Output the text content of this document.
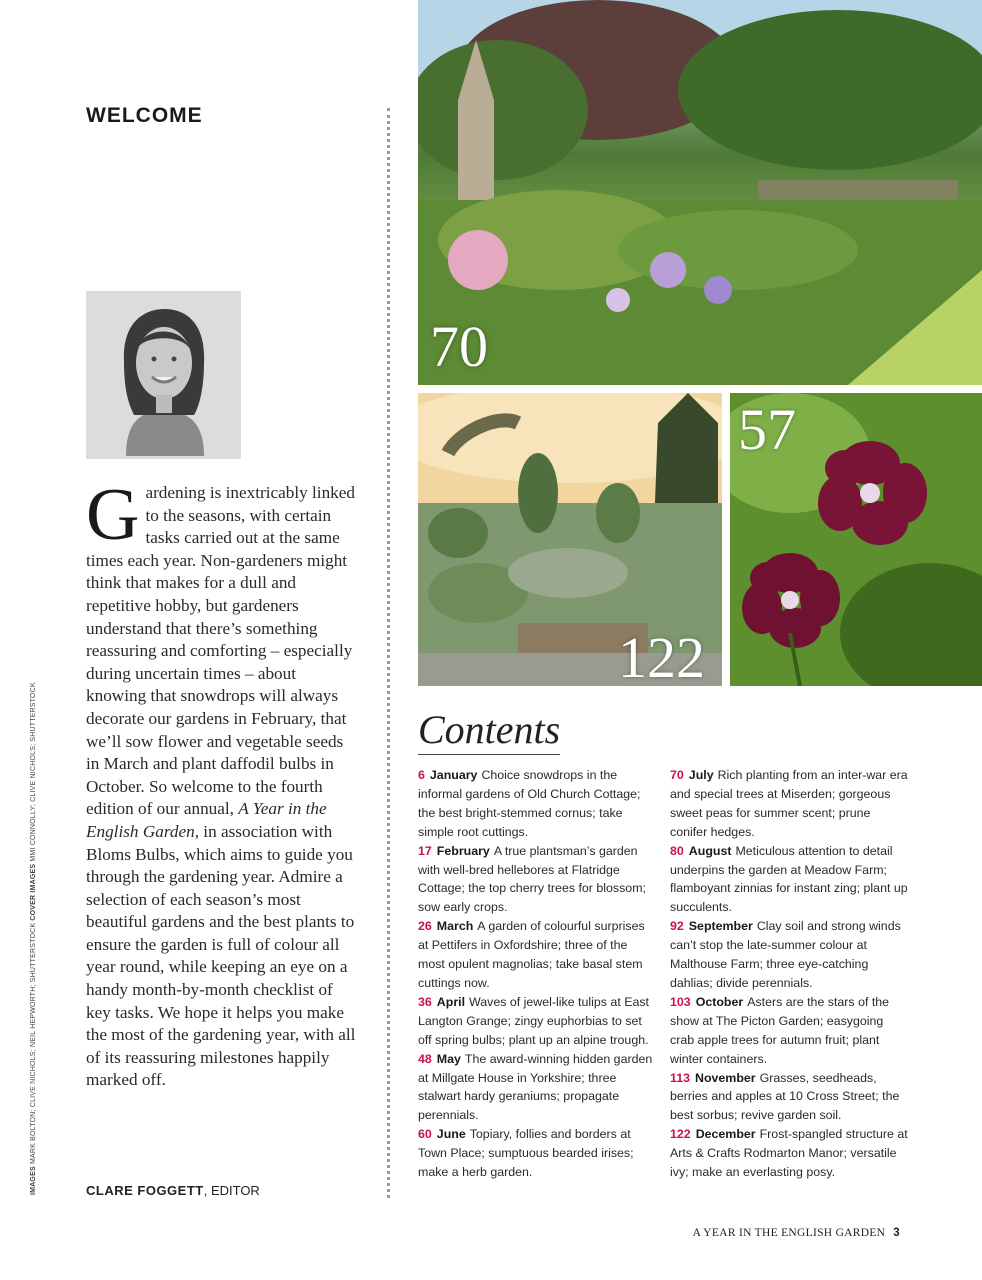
WELCOME
Gardening is inextricably linked to the seasons, with certain tasks carried out at the same times each year. Non-gardeners might think that makes for a dull and repetitive hobby, but gardeners understand that there’s something reassuring and comforting – especially during uncertain times – about knowing that snowdrops will always decorate our gardens in February, that we’ll sow flower and vegetable seeds in March and plant daffodil bulbs in October. So welcome to the fourth edition of our annual, A Year in the English Garden, in association with Bloms Bulbs, which aims to guide you through the gardening year. Admire a selection of each season’s most beautiful gardens and the best plants to ensure the garden is full of colour all year round, while keeping an eye on a handy month-by-month checklist of key tasks. We hope it helps you make the most of the gardening year, with all of its reassuring milestones happily marked off.
CLARE FOGGETT, EDITOR
IMAGES MARK BOLTON; CLIVE NICHOLS; NEIL HEPWORTH; SHUTTERSTOCK COVER IMAGES MMI CONNOLLY; CLIVE NICHOLS; SHUTTERSTOCK
70
122
57
Contents

6 January Choice snowdrops in the informal gardens of Old Church Cottage; the best bright-stemmed cornus; take simple root cuttings.

17 February A true plantsman’s garden with well-bred hellebores at Flatridge Cottage; the top cherry trees for blossom; sow early crops.

26 March A garden of colourful surprises at Pettifers in Oxfordshire; three of the most opulent magnolias; take basal stem cuttings now.

36 April Waves of jewel-like tulips at East Langton Grange; zingy euphorbias to set off spring bulbs; plant up an alpine trough.

48 May The award-winning hidden garden at Millgate House in Yorkshire; three stalwart hardy geraniums; propagate perennials.

60 June Topiary, follies and borders at Town Place; sumptuous bearded irises; make a herb garden.

70 July Rich planting from an inter-war era and special trees at Miserden; gorgeous sweet peas for summer scent; prune conifer hedges.

80 August Meticulous attention to detail underpins the garden at Meadow Farm; flamboyant zinnias for instant zing; plant up succulents.

92 September Clay soil and strong winds can’t stop the late-summer colour at Malthouse Farm; three eye-catching dahlias; divide perennials.

103 October Asters are the stars of the show at The Picton Garden; easygoing crab apple trees for autumn fruit; plant winter containers.

113 November Grasses, seedheads, berries and apples at 10 Cross Street; the best sorbus; revive garden soil.

122 December Frost-spangled structure at Arts & Crafts Rodmarton Manor; versatile ivy; make an everlasting posy.

A YEAR IN THE ENGLISH GARDEN 3
